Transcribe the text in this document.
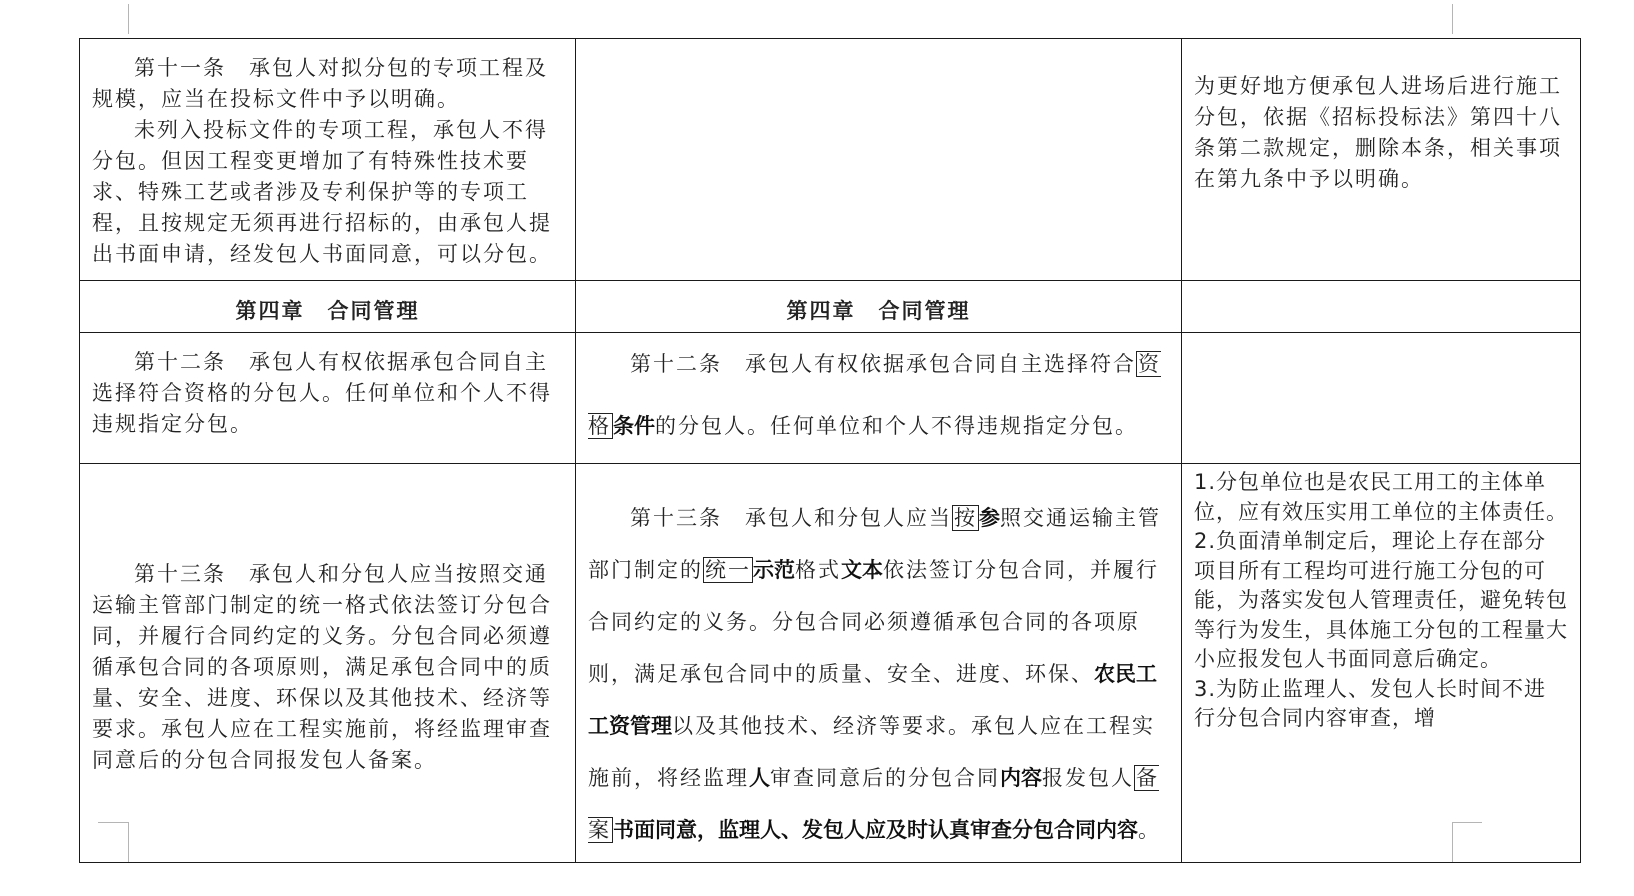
第十一条　承包人对拟分包的专项工程及规模，应当在投标文件中予以明确。

未列入投标文件的专项工程，承包人不得分包。但因工程变更增加了有特殊性技术要求、特殊工艺或者涉及专利保护等的专项工程，且按规定无须再进行招标的，由承包人提出书面申请，经发包人书面同意，可以分包。		为更好地方便承包人进场后进行施工分包，依据《招标投标法》第四十八条第二款规定，删除本条，相关事项在第九条中予以明确。

第四章　合同管理	第四章　合同管理	

第十二条　承包人有权依据承包合同自主选择符合资格的分包人。任何单位和个人不得违规指定分包。	第十二条　承包人有权依据承包合同自主选择符合资格条件的分包人。任何单位和个人不得违规指定分包。	

第十三条　承包人和分包人应当按照交通运输主管部门制定的统一格式依法签订分包合同，并履行合同约定的义务。分包合同必须遵循承包合同的各项原则，满足承包合同中的质量、安全、进度、环保以及其他技术、经济等要求。承包人应在工程实施前，将经监理审查同意后的分包合同报发包人备案。	第十三条　承包人和分包人应当按参照交通运输主管部门制定的统一示范格式文本依法签订分包合同，并履行合同约定的义务。分包合同必须遵循承包合同的各项原则，满足承包合同中的质量、安全、进度、环保、农民工工资管理以及其他技术、经济等要求。承包人应在工程实施前，将经监理人审查同意后的分包合同内容报发包人备案书面同意，监理人、发包人应及时认真审查分包合同内容。	1.分包单位也是农民工用工的主体单位，应有效压实用工单位的主体责任。
2.负面清单制定后，理论上存在部分项目所有工程均可进行施工分包的可能，为落实发包人管理责任，避免转包等行为发生，具体施工分包的工程量大小应报发包人书面同意后确定。
3.为防止监理人、发包人长时间不进行分包合同内容审查，增
